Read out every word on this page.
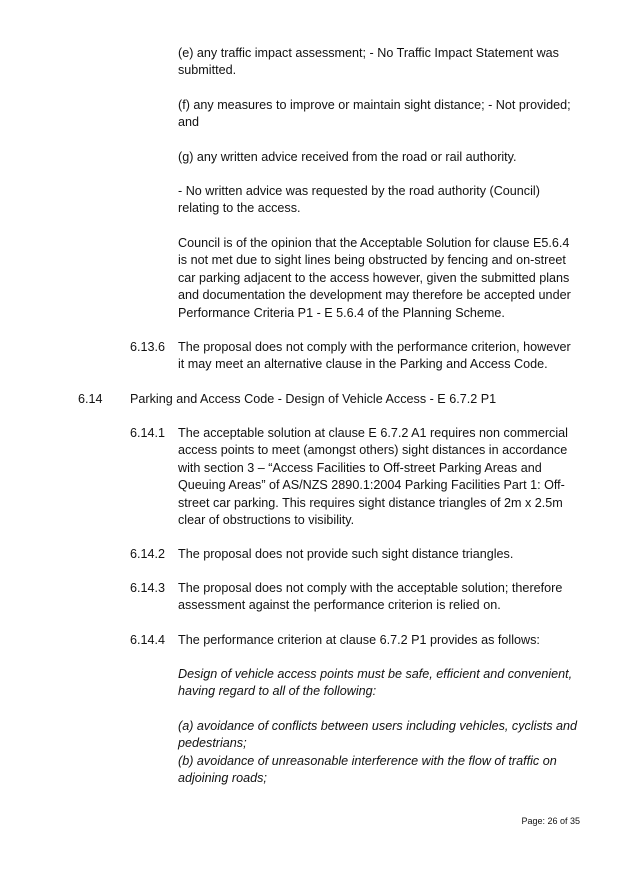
(e) any traffic impact assessment; - No Traffic Impact Statement was submitted.

(f) any measures to improve or maintain sight distance; - Not provided; and

(g) any written advice received from the road or rail authority.

- No written advice was requested by the road authority (Council) relating to the access.

Council is of the opinion that the Acceptable Solution for clause E5.6.4 is not met due to sight lines being obstructed by fencing and on-street car parking adjacent to the access however, given the submitted plans and documentation the development may therefore be accepted under Performance Criteria P1 - E 5.6.4 of the Planning Scheme.

6.13.6 The proposal does not comply with the performance criterion, however it may meet an alternative clause in the Parking and Access Code.

6.14 Parking and Access Code - Design of Vehicle Access - E 6.7.2 P1
6.14.1 The acceptable solution at clause E 6.7.2 A1 requires non commercial access points to meet (amongst others) sight distances in accordance with section 3 – “Access Facilities to Off-street Parking Areas and Queuing Areas” of AS/NZS 2890.1:2004 Parking Facilities Part 1: Off-street car parking. This requires sight distance triangles of 2m x 2.5m clear of obstructions to visibility.

6.14.2 The proposal does not provide such sight distance triangles.

6.14.3 The proposal does not comply with the acceptable solution; therefore assessment against the performance criterion is relied on.

6.14.4 The performance criterion at clause 6.7.2 P1 provides as follows:

Design of vehicle access points must be safe, efficient and convenient, having regard to all of the following:

(a) avoidance of conflicts between users including vehicles, cyclists and pedestrians;

(b) avoidance of unreasonable interference with the flow of traffic on adjoining roads;

Page: 26 of 35
